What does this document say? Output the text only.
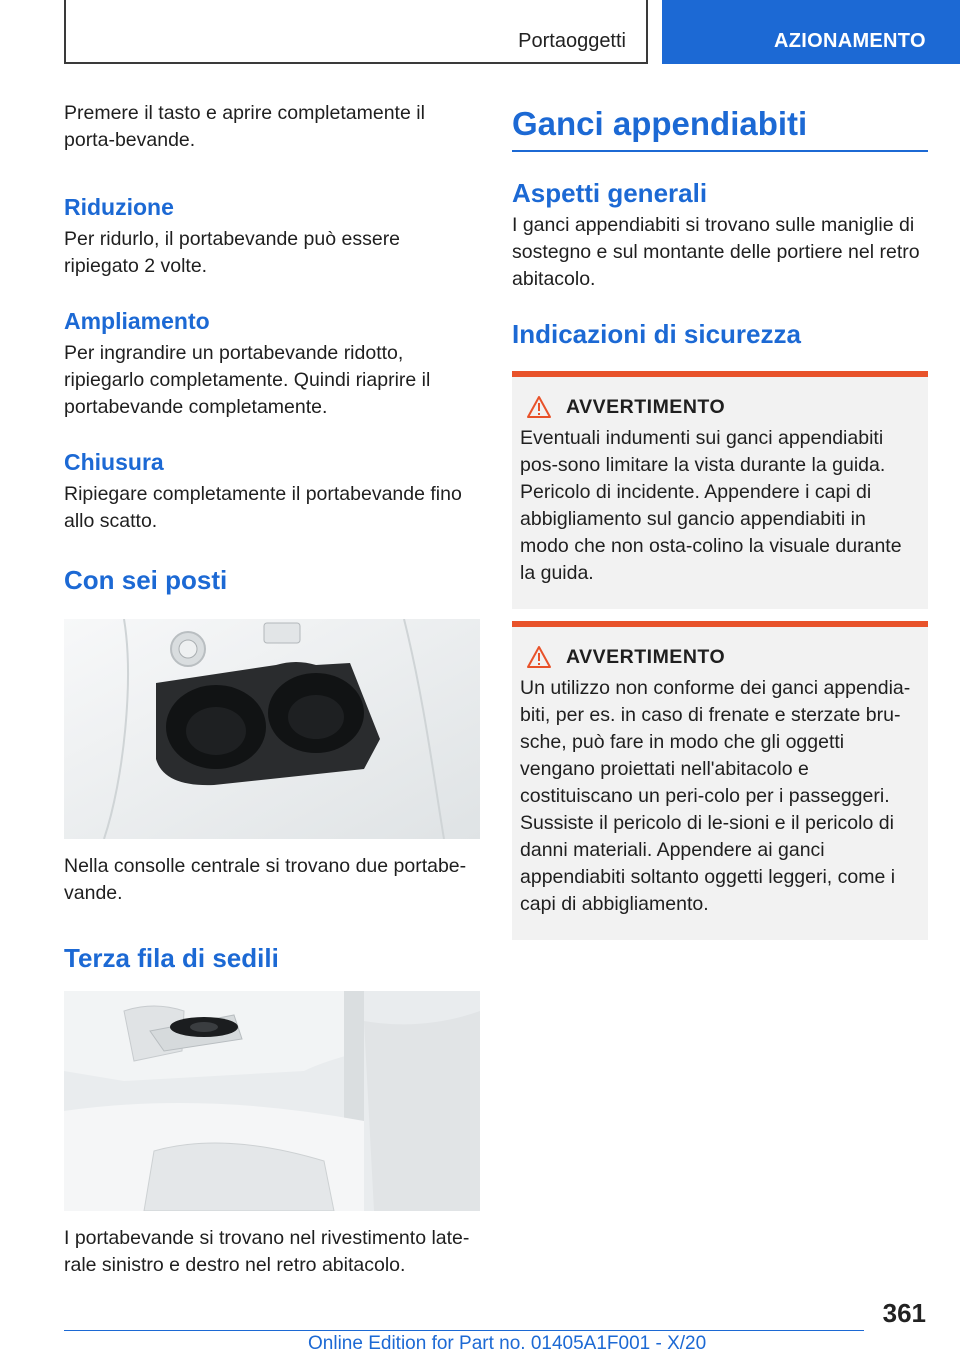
Portaoggetti	AZIONAMENTO

Premere il tasto e aprire completamente il porta-bevande.

Riduzione

Per ridurlo, il portabevande può essere ripiegato 2 volte.

Ampliamento

Per ingrandire un portabevande ridotto, ripiegarlo completamente. Quindi riaprire il portabevande completamente.

Chiusura

Ripiegare completamente il portabevande fino allo scatto.

Con sei posti

Nella consolle centrale si trovano due portabe-vande.

Terza fila di sedili

I portabevande si trovano nel rivestimento late-rale sinistro e destro nel retro abitacolo.

Ganci appendiabiti
Aspetti generali

I ganci appendiabiti si trovano sulle maniglie di sostegno e sul montante delle portiere nel retro abitacolo.

Indicazioni di sicurezza
AVVERTIMENTO

Eventuali indumenti sui ganci appendiabiti pos-sono limitare la vista durante la guida. Pericolo di incidente. Appendere i capi di abbigliamento sul gancio appendiabiti in modo che non osta-colino la visuale durante la guida.

AVVERTIMENTO

Un utilizzo non conforme dei ganci appendia-biti, per es. in caso di frenate e sterzate bru-sche, può fare in modo che gli oggetti vengano proiettati nell'abitacolo e costituiscano un peri-colo per i passeggeri. Sussiste il pericolo di le-sioni e il pericolo di danni materiali. Appendere ai ganci appendiabiti soltanto oggetti leggeri, come i capi di abbigliamento.

361
Online Edition for Part no. 01405A1F001 - X/20
